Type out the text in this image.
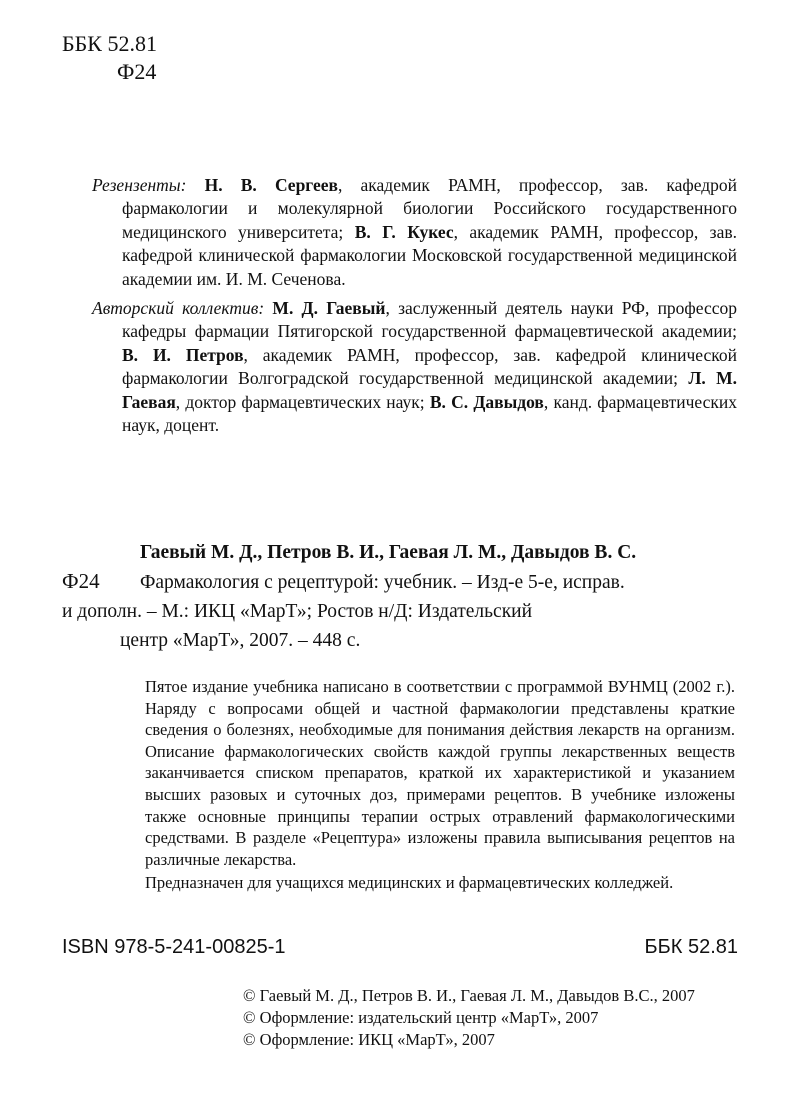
ББК 52.81
Ф24

Резензенты: Н. В. Сергеев, академик РАМН, профессор, зав. кафедрой фармакологии и молекулярной биологии Российского государственного медицинского университета; В. Г. Кукес, академик РАМН, профессор, зав. кафедрой клинической фармакологии Московской государственной медицинской академии им. И. М. Сеченова.

Авторский коллектив: М. Д. Гаевый, заслуженный деятель науки РФ, профессор кафедры фармации Пятигорской государственной фармацевтической академии; В. И. Петров, академик РАМН, профессор, зав. кафедрой клинической фармакологии Волгоградской государственной медицинской академии; Л. М. Гаевая, доктор фармацевтических наук; В. С. Давыдов, канд. фармацевтических наук, доцент.

Гаевый М. Д., Петров В. И., Гаевая Л. М., Давыдов В. С.
Ф24 Фармакология с рецептурой: учебник. – Изд-е 5-е, исправ.
и дополн. – М.: ИКЦ «МарТ»; Ростов н/Д: Издательский
центр «МарТ», 2007. – 448 с.

Пятое издание учебника написано в соответствии с программой ВУНМЦ (2002 г.). Наряду с вопросами общей и частной фармакологии представлены краткие сведения о болезнях, необходимые для понимания действия лекарств на организм. Описание фармакологических свойств каждой группы лекарственных веществ заканчивается списком препаратов, краткой их характеристикой и указанием высших разовых и суточных доз, примерами рецептов. В учебнике изложены также основные принципы терапии острых отравлений фармакологическими средствами. В разделе «Рецептура» изложены правила выписывания рецептов на различные лекарства.

Предназначен для учащихся медицинских и фармацевтических колледжей.

ISBN 978-5-241-00825-1	ББК 52.81
© Гаевый М. Д., Петров В. И., Гаевая Л. М., Давыдов В.С., 2007
© Оформление: издательский центр «МарТ», 2007
© Оформление: ИКЦ «МарТ», 2007
